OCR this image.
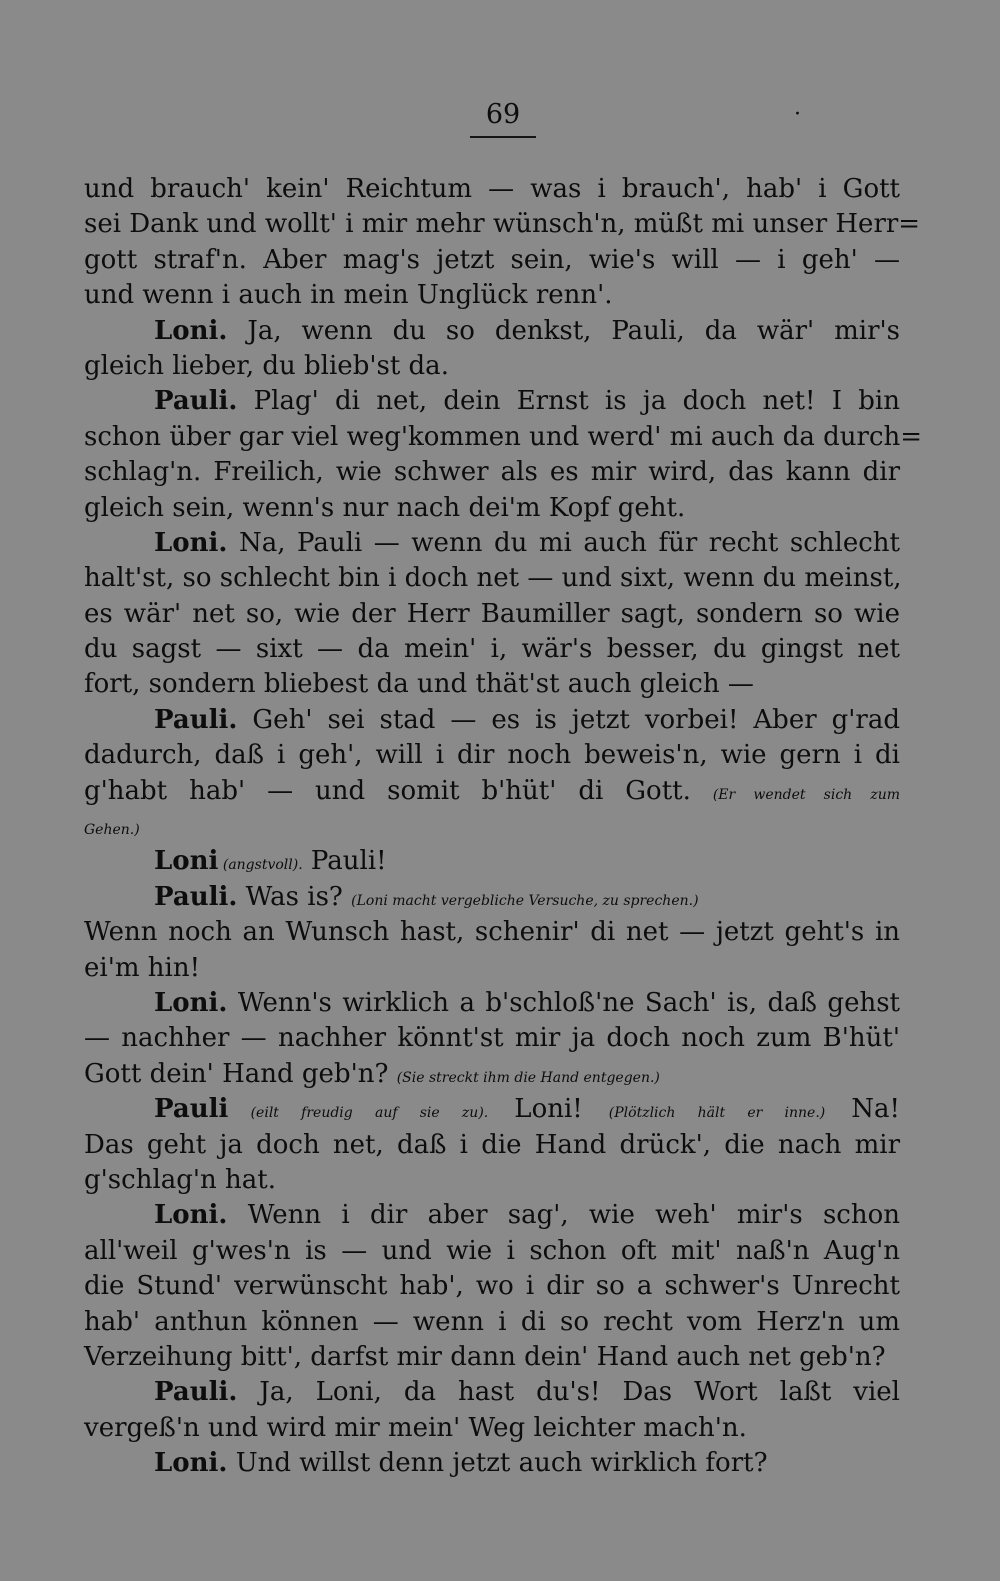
69	·
und brauch' kein' Reichtum — was i brauch', hab' i Gott
sei Dank und wollt' i mir mehr wünsch'n, müßt mi unser Herr=
gott straf'n. Aber mag's jetzt sein, wie's will — i geh' —
und wenn i auch in mein Unglück renn'.
Loni. Ja, wenn du so denkst, Pauli, da wär' mir's
gleich lieber, du blieb'st da.
Pauli. Plag' di net, dein Ernst is ja doch net! I bin
schon über gar viel weg'kommen und werd' mi auch da durch=
schlag'n. Freilich, wie schwer als es mir wird, das kann dir
gleich sein, wenn's nur nach dei'm Kopf geht.
Loni. Na, Pauli — wenn du mi auch für recht schlecht
halt'st, so schlecht bin i doch net — und sixt, wenn du meinst,
es wär' net so, wie der Herr Baumiller sagt, sondern so wie
du sagst — sixt — da mein' i, wär's besser, du gingst net
fort, sondern bliebest da und thät'st auch gleich —
Pauli. Geh' sei stad — es is jetzt vorbei! Aber g'rad
dadurch, daß i geh', will i dir noch beweis'n, wie gern i di
g'habt hab' — und somit b'hüt' di Gott. (Er wendet sich zum
Gehen.)
Loni (angstvoll). Pauli!
Pauli. Was is? (Loni macht vergebliche Versuche, zu sprechen.)
Wenn noch an Wunsch hast, schenir' di net — jetzt geht's in
ei'm hin!
Loni. Wenn's wirklich a b'schloß'ne Sach' is, daß gehst
— nachher — nachher könnt'st mir ja doch noch zum B'hüt'
Gott dein' Hand geb'n? (Sie streckt ihm die Hand entgegen.)
Pauli (eilt freudig auf sie zu). Loni! (Plötzlich hält er inne.) Na!
Das geht ja doch net, daß i die Hand drück', die nach mir
g'schlag'n hat.
Loni. Wenn i dir aber sag', wie weh' mir's schon
all'weil g'wes'n is — und wie i schon oft mit' naß'n Aug'n
die Stund' verwünscht hab', wo i dir so a schwer's Unrecht
hab' anthun können — wenn i di so recht vom Herz'n um
Verzeihung bitt', darfst mir dann dein' Hand auch net geb'n?
Pauli. Ja, Loni, da hast du's! Das Wort laßt viel
vergeß'n und wird mir mein' Weg leichter mach'n.
Loni. Und willst denn jetzt auch wirklich fort?
